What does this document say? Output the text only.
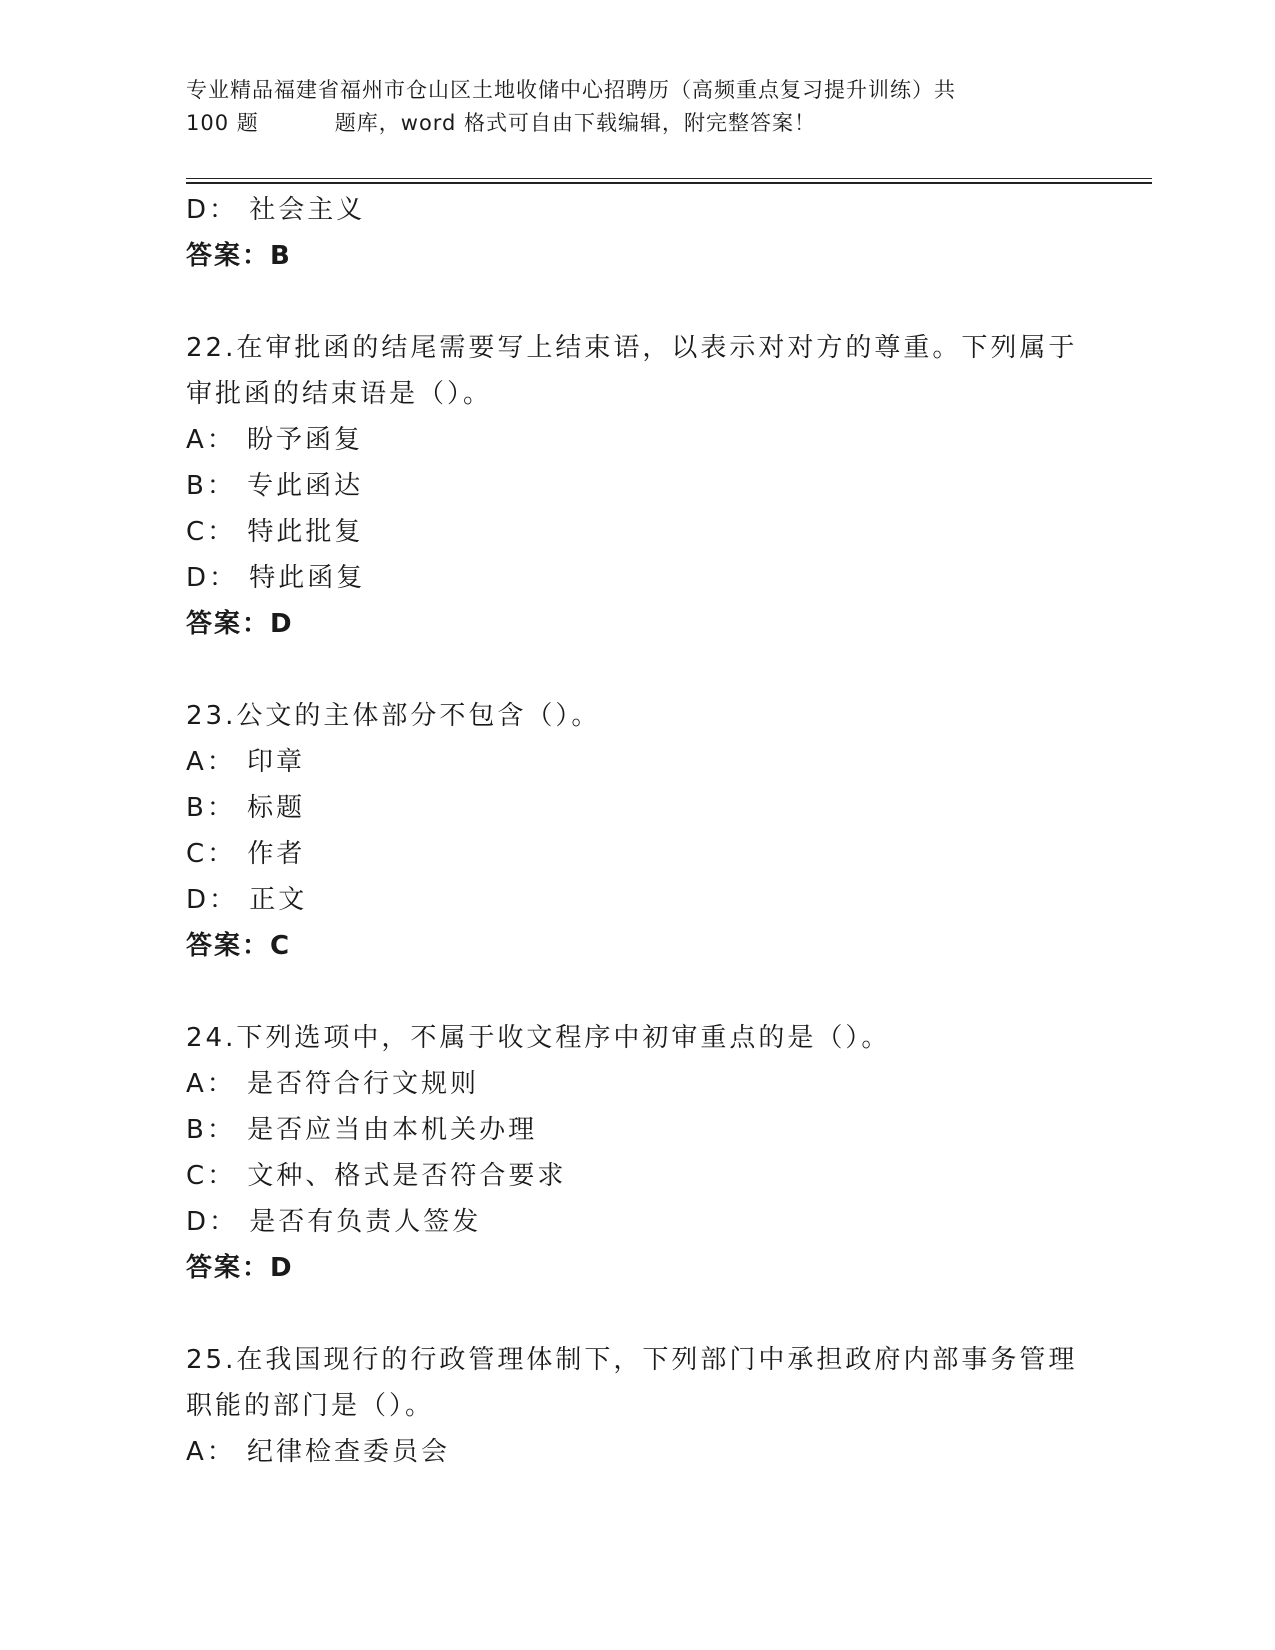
专业精品福建省福州市仓山区土地收储中心招聘历（高频重点复习提升训练）共
100 题	题库，word 格式可自由下载编辑，附完整答案！
D： 社会主义
答案：B
22.在审批函的结尾需要写上结束语，以表示对对方的尊重。下列属于
审批函的结束语是（）。
A： 盼予函复
B： 专此函达
C： 特此批复
D： 特此函复
答案：D
23.公文的主体部分不包含（）。
A： 印章
B： 标题
C： 作者
D： 正文
答案：C
24.下列选项中，不属于收文程序中初审重点的是（）。
A： 是否符合行文规则
B： 是否应当由本机关办理
C： 文种、格式是否符合要求
D： 是否有负责人签发
答案：D
25.在我国现行的行政管理体制下，下列部门中承担政府内部事务管理
职能的部门是（）。
A： 纪律检查委员会
